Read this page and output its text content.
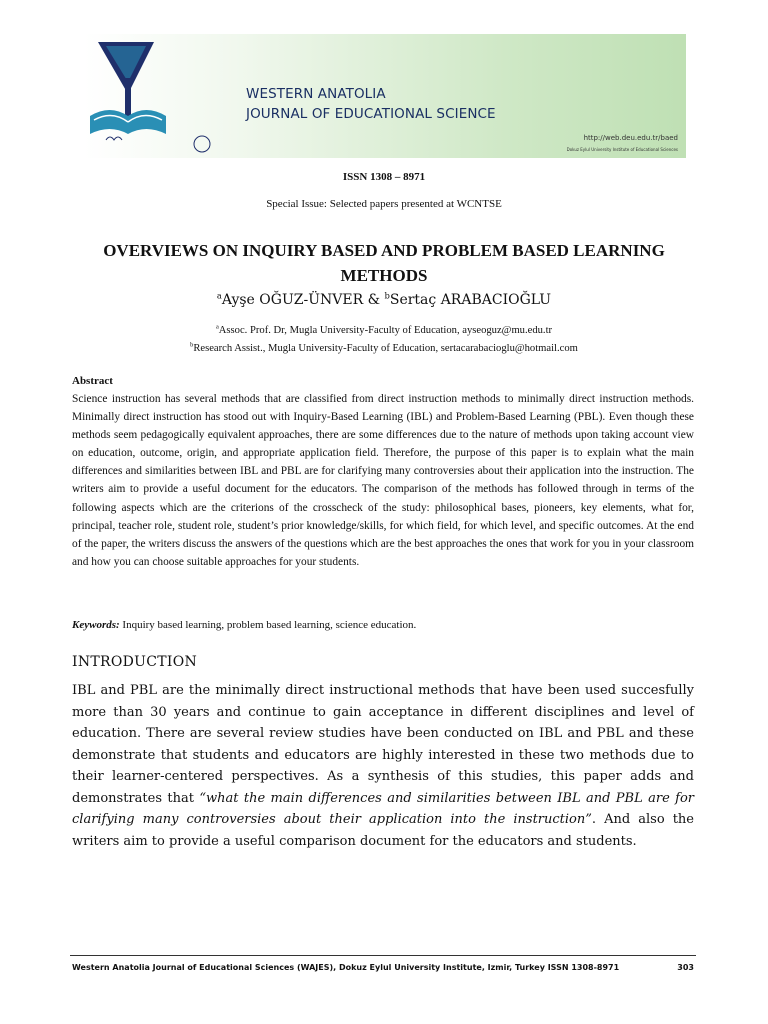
WESTERN ANATOLIA
JOURNAL OF EDUCATIONAL SCIENCE
http://web.deu.edu.tr/baed
Dokuz Eylul University Institute of Educational Sciences
ISSN 1308 – 8971
Special Issue: Selected papers presented at WCNTSE
OVERVIEWS ON INQUIRY BASED AND PROBLEM BASED LEARNING METHODS
$^a$Ayşe OĞUZ-ÜNVER & $^b$Sertaç ARABACIOĞLU
$^a$Assoc. Prof. Dr, Mugla University-Faculty of Education, ayseoguz@mu.edu.tr
$^b$Research Assist., Mugla University-Faculty of Education, sertacarabacioglu@hotmail.com
Abstract
Science instruction has several methods that are classified from direct instruction methods to minimally direct instruction methods. Minimally direct instruction has stood out with Inquiry-Based Learning (IBL) and Problem-Based Learning (PBL). Even though these methods seem pedagogically equivalent approaches, there are some differences due to the nature of methods upon taking account view on education, outcome, origin, and appropriate application field. Therefore, the purpose of this paper is to explain what the main differences and similarities between IBL and PBL are for clarifying many controversies about their application into the instruction. The writers aim to provide a useful document for the educators. The comparison of the methods has followed through in terms of the following aspects which are the criterions of the crosscheck of the study: philosophical bases, pioneers, key elements, what for, principal, teacher role, student role, student’s prior knowledge/skills, for which field, for which level, and specific outcomes. At the end of the paper, the writers discuss the answers of the questions which are the best approaches the ones that work for you in your classroom and how you can choose suitable approaches for your students.
Keywords: Inquiry based learning, problem based learning, science education.
INTRODUCTION
IBL and PBL are the minimally direct instructional methods that have been used succesfully more than 30 years and continue to gain acceptance in different disciplines and level of education. There are several review studies have been conducted on IBL and PBL and these demonstrate that students and educators are highly interested in these two methods due to their learner-centered perspectives. As a synthesis of this studies, this paper adds and demonstrates that “what the main differences and similarities between IBL and PBL are for clarifying many controversies about their application into the instruction”. And also the writers aim to provide a useful comparison document for the educators and students.
Western Anatolia Journal of Educational Sciences (WAJES), Dokuz Eylul University Institute, Izmir, Turkey ISSN 1308-8971	303
